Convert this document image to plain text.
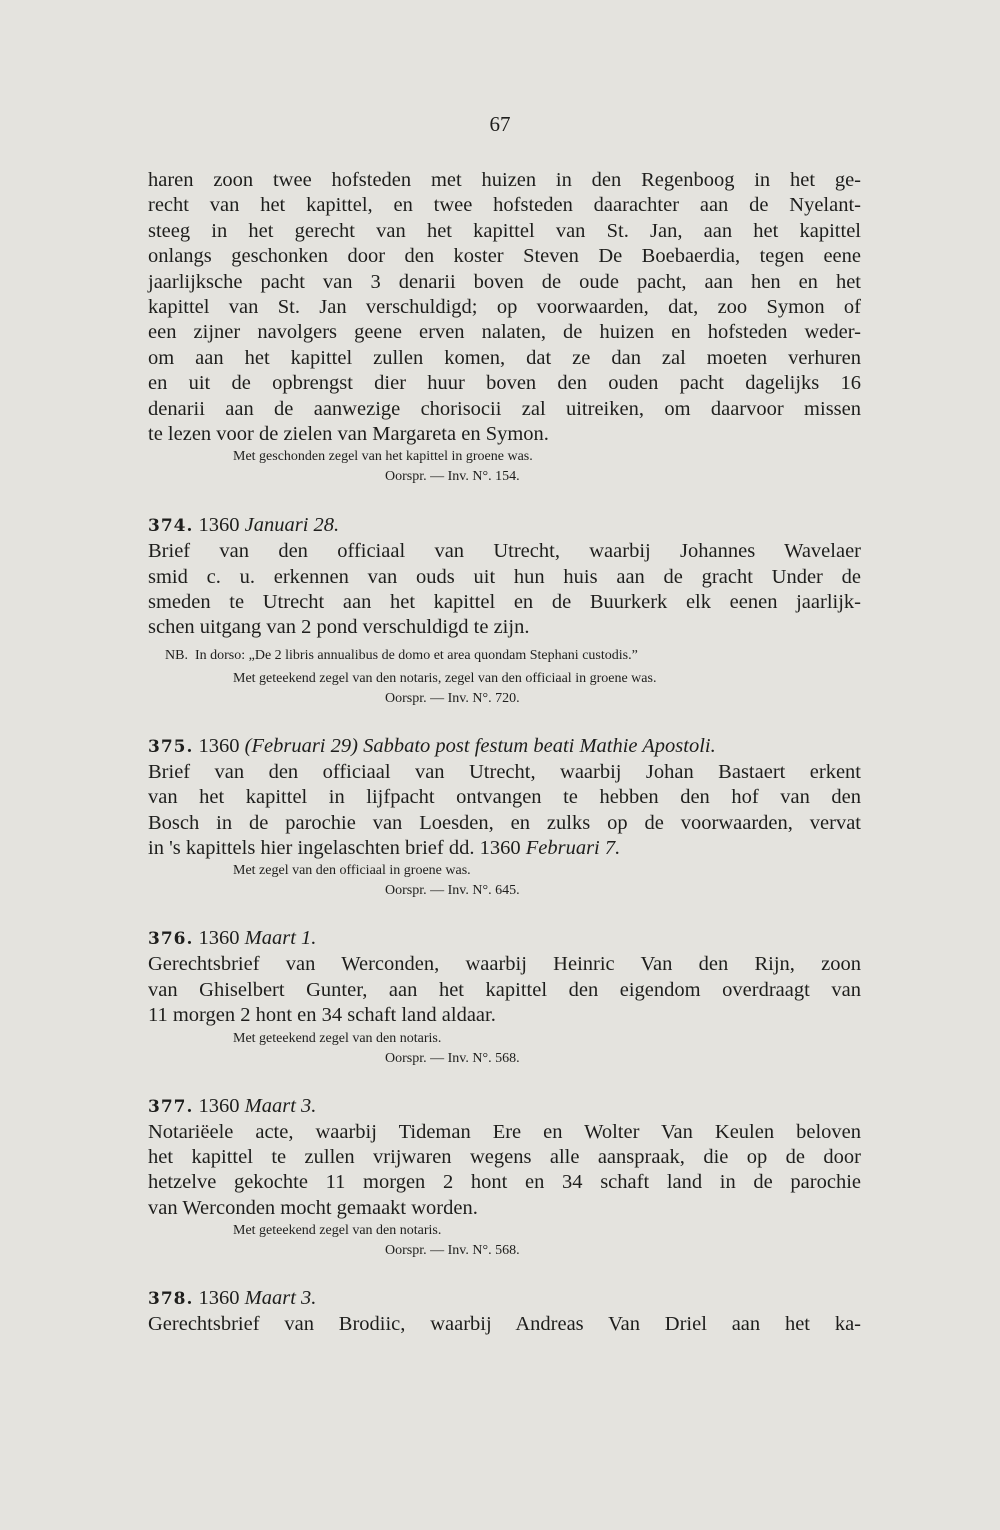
67
haren zoon twee hofsteden met huizen in den Regenboog in het ge-
recht van het kapittel, en twee hofsteden daarachter aan de Nyelant-
steeg in het gerecht van het kapittel van St. Jan, aan het kapittel
onlangs geschonken door den koster Steven De Boebaerdia, tegen eene
jaarlijksche pacht van 3 denarii boven de oude pacht, aan hen en het
kapittel van St. Jan verschuldigd; op voorwaarden, dat, zoo Symon of
een zijner navolgers geene erven nalaten, de huizen en hofsteden weder-
om aan het kapittel zullen komen, dat ze dan zal moeten verhuren
en uit de opbrengst dier huur boven den ouden pacht dagelijks 16
denarii aan de aanwezige chorisocii zal uitreiken, om daarvoor missen
te lezen voor de zielen van Margareta en Symon.
Met geschonden zegel van het kapittel in groene was.
Oorspr. — Inv. N°. 154.
374. 1360 Januari 28.
Brief van den officiaal van Utrecht, waarbij Johannes Wavelaer
smid c. u. erkennen van ouds uit hun huis aan de gracht Under de
smeden te Utrecht aan het kapittel en de Buurkerk elk eenen jaarlijk-
schen uitgang van 2 pond verschuldigd te zijn.
NB. In dorso: „De 2 libris annualibus de domo et area quondam Stephani custodis.”
Met geteekend zegel van den notaris, zegel van den officiaal in groene was.
Oorspr. — Inv. N°. 720.
375. 1360 (Februari 29) Sabbato post festum beati Mathie Apostoli.
Brief van den officiaal van Utrecht, waarbij Johan Bastaert erkent
van het kapittel in lijfpacht ontvangen te hebben den hof van den
Bosch in de parochie van Loesden, en zulks op de voorwaarden, vervat
in 's kapittels hier ingelaschten brief dd. 1360 Februari 7.
Met zegel van den officiaal in groene was.
Oorspr. — Inv. N°. 645.
376. 1360 Maart 1.
Gerechtsbrief van Werconden, waarbij Heinric Van den Rijn, zoon
van Ghiselbert Gunter, aan het kapittel den eigendom overdraagt van
11 morgen 2 hont en 34 schaft land aldaar.
Met geteekend zegel van den notaris.
Oorspr. — Inv. N°. 568.
377. 1360 Maart 3.
Notariëele acte, waarbij Tideman Ere en Wolter Van Keulen beloven
het kapittel te zullen vrijwaren wegens alle aanspraak, die op de door
hetzelve gekochte 11 morgen 2 hont en 34 schaft land in de parochie
van Werconden mocht gemaakt worden.
Met geteekend zegel van den notaris.
Oorspr. — Inv. N°. 568.
378. 1360 Maart 3.
Gerechtsbrief van Brodiic, waarbij Andreas Van Driel aan het ka-
